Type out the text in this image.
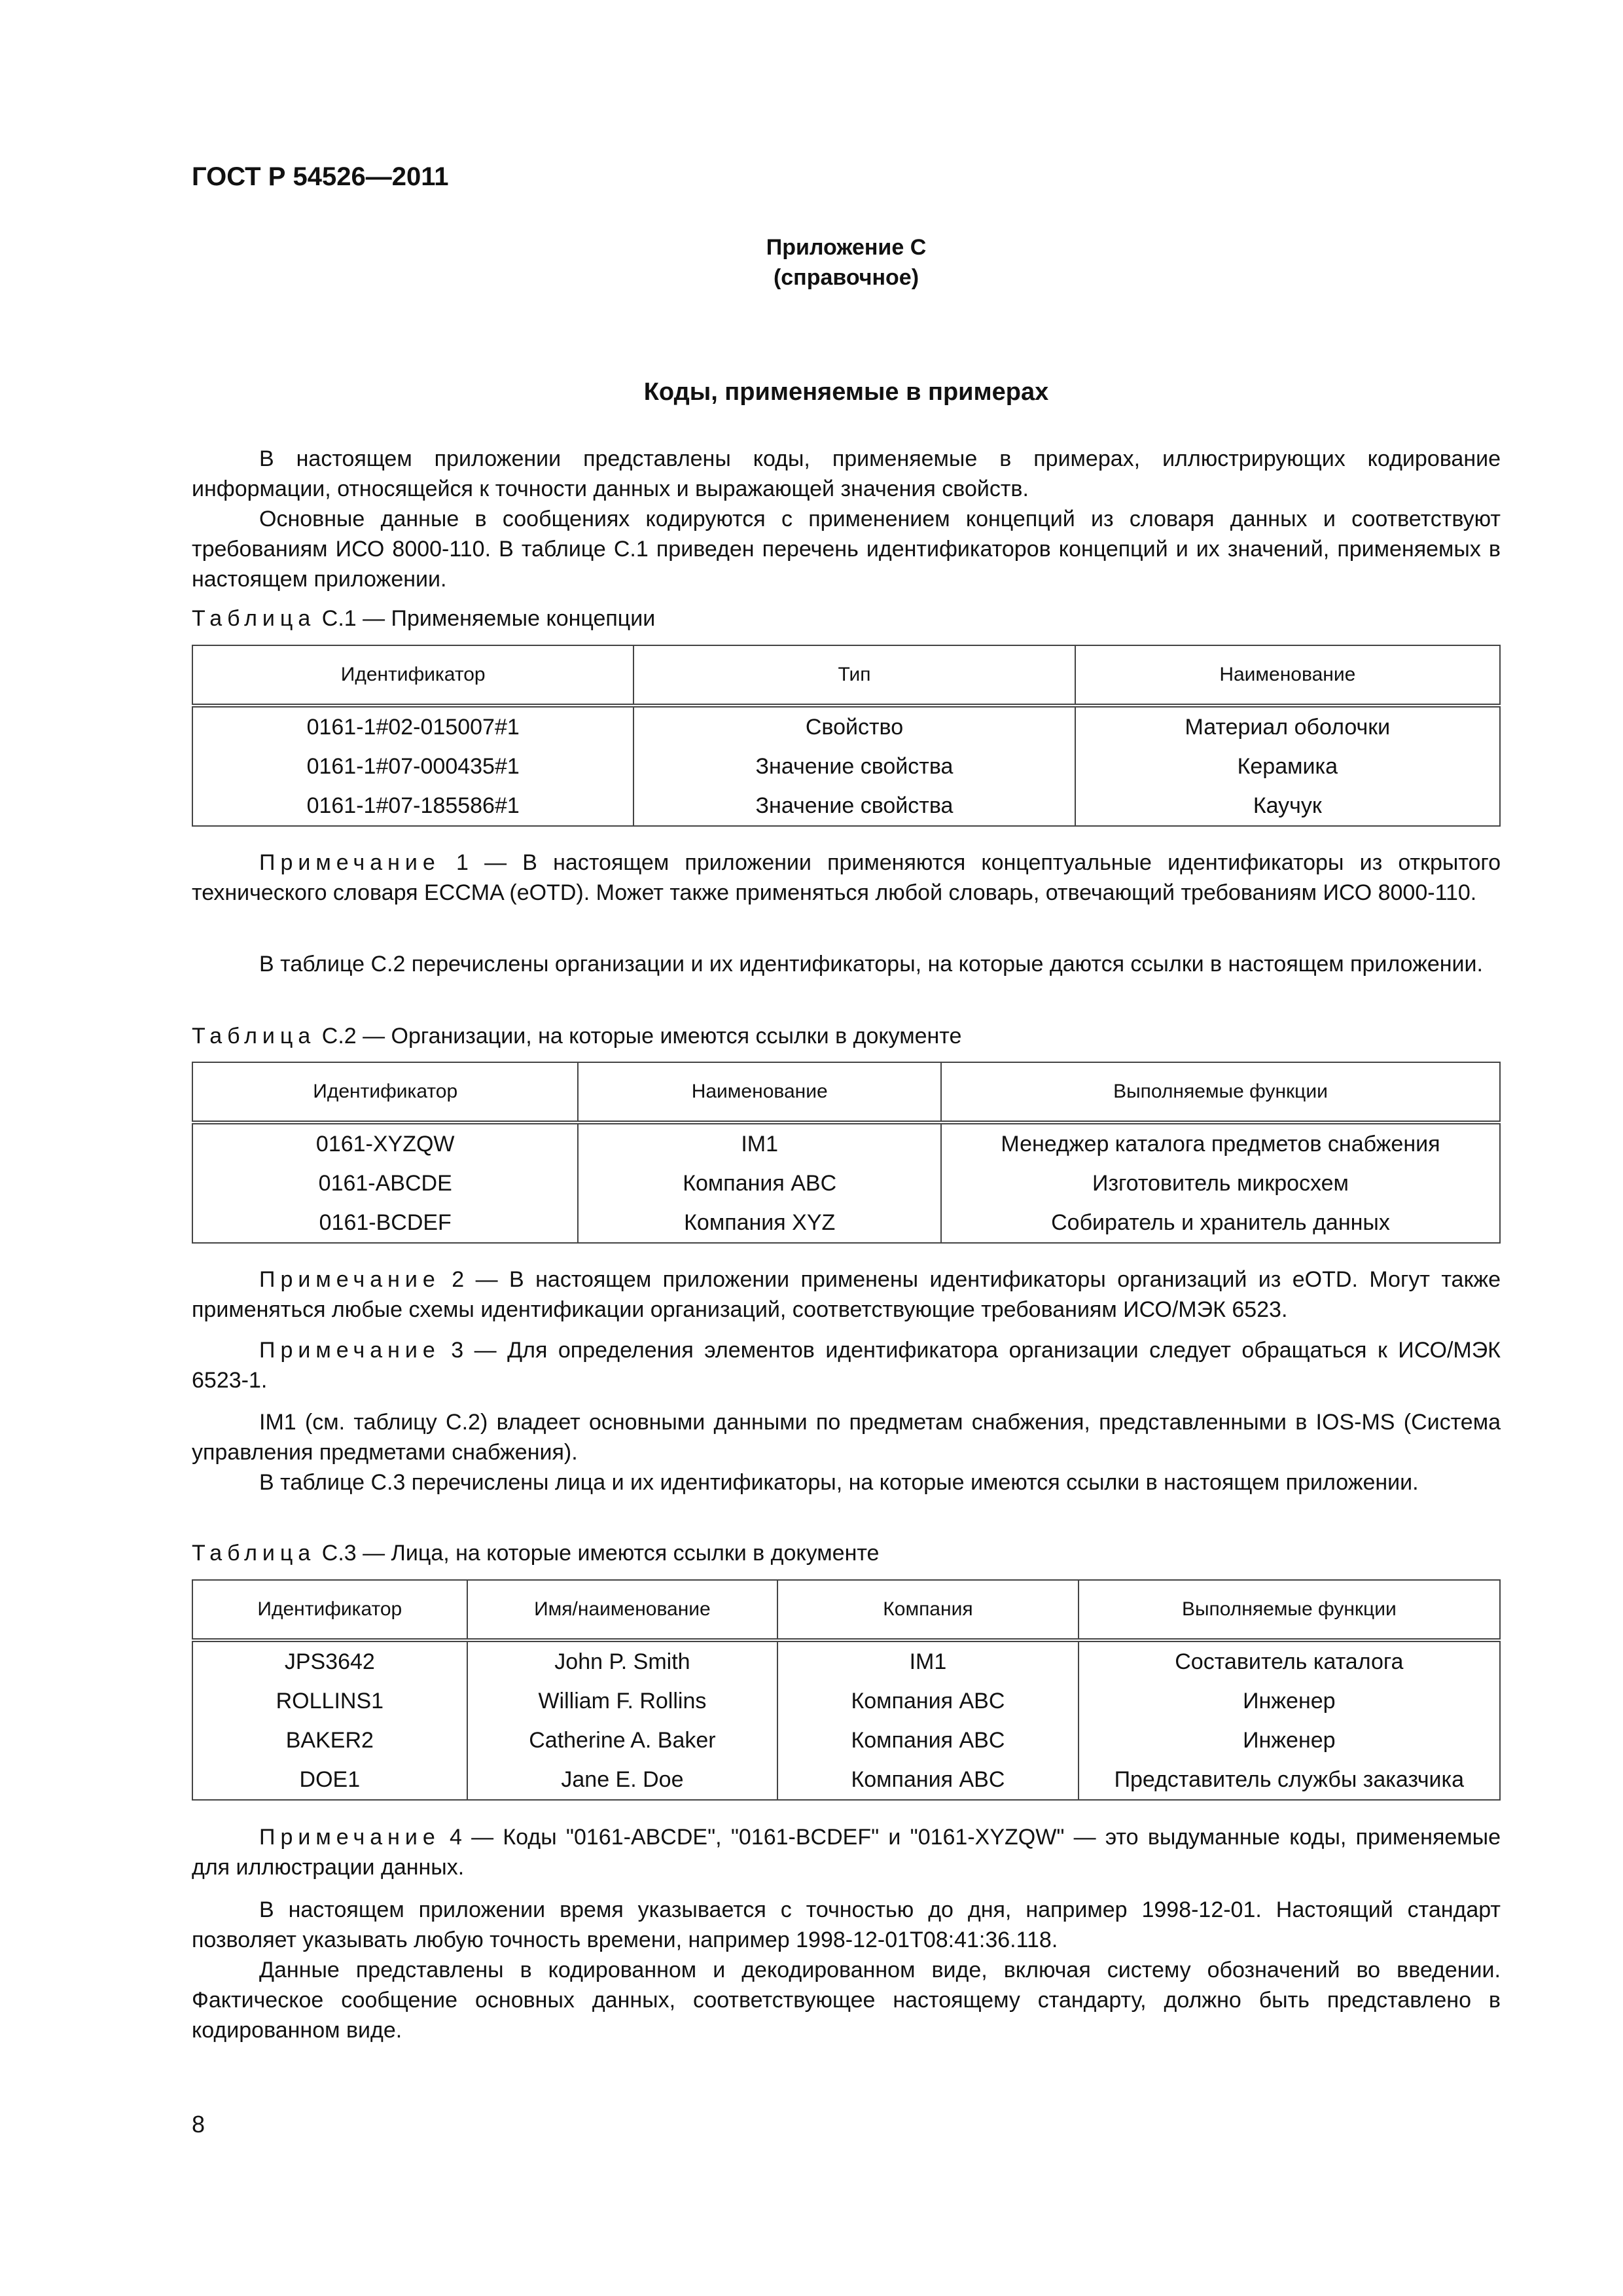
ГОСТ Р 54526—2011
Приложение С
(справочное)
Коды, применяемые в примерах

В настоящем приложении представлены коды, применяемые в примерах, иллюстрирующих кодирование информации, относящейся к точности данных и выражающей значения свойств.

Основные данные в сообщениях кодируются с применением концепций из словаря данных и соответствуют требованиям ИСО 8000-110. В таблице С.1 приведен перечень идентификаторов концепций и их значений, применяемых в настоящем приложении.

Таблица С.1 — Применяемые концепции
Идентификатор	Тип	Наименование
0161-1#02-015007#1	Свойство	Материал оболочки
0161-1#07-000435#1	Значение свойства	Керамика
0161-1#07-185586#1	Значение свойства	Каучук

Примечание 1 — В настоящем приложении применяются концептуальные идентификаторы из открытого технического словаря ECCMA (eOTD). Может также применяться любой словарь, отвечающий требованиям ИСО 8000-110.

В таблице С.2 перечислены организации и их идентификаторы, на которые даются ссылки в настоящем приложении.

Таблица С.2 — Организации, на которые имеются ссылки в документе
Идентификатор	Наименование	Выполняемые функции
0161-XYZQW	IM1	Менеджер каталога предметов снабжения
0161-ABCDE	Компания ABC	Изготовитель микросхем
0161-BCDEF	Компания XYZ	Собиратель и хранитель данных

Примечание 2 — В настоящем приложении применены идентификаторы организаций из eOTD. Могут также применяться любые схемы идентификации организаций, соответствующие требованиям ИСО/МЭК 6523.

Примечание 3 — Для определения элементов идентификатора организации следует обращаться к ИСО/МЭК 6523-1.

IM1 (см. таблицу С.2) владеет основными данными по предметам снабжения, представленными в IOS-MS (Система управления предметами снабжения).

В таблице С.3 перечислены лица и их идентификаторы, на которые имеются ссылки в настоящем приложении.

Таблица С.3 — Лица, на которые имеются ссылки в документе
Идентификатор	Имя/наименование	Компания	Выполняемые функции
JPS3642	John P. Smith	IM1	Составитель каталога
ROLLINS1	William F. Rollins	Компания ABC	Инженер
BAKER2	Catherine A. Baker	Компания ABC	Инженер
DOE1	Jane E. Doe	Компания ABC	Представитель службы заказчика

Примечание 4 — Коды "0161-ABCDE", "0161-BCDEF" и "0161-XYZQW" — это выдуманные коды, применяемые для иллюстрации данных.

В настоящем приложении время указывается с точностью до дня, например 1998-12-01. Настоящий стандарт позволяет указывать любую точность времени, например 1998-12-01T08:41:36.118.

Данные представлены в кодированном и декодированном виде, включая систему обозначений во введении. Фактическое сообщение основных данных, соответствующее настоящему стандарту, должно быть представлено в кодированном виде.

8
